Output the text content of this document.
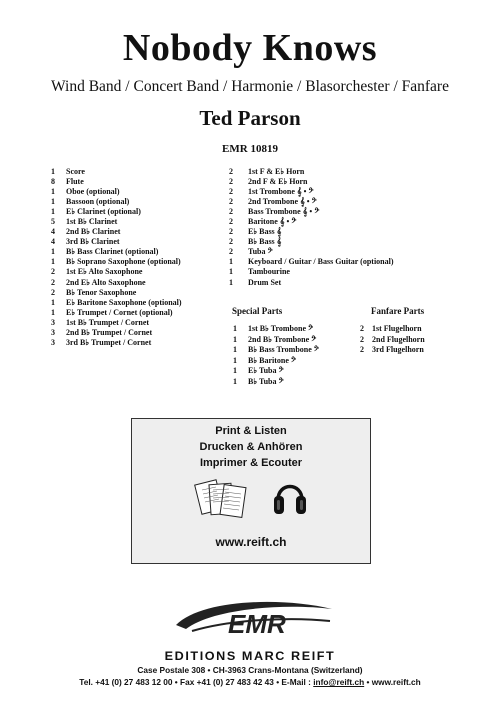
Nobody Knows
Wind Band / Concert Band / Harmonie / Blasorchester / Fanfare
Ted Parson
EMR 10819
1	Score
8	Flute
1	Oboe (optional)
1	Bassoon (optional)
1	E♭ Clarinet (optional)
5	1st B♭ Clarinet
4	2nd B♭ Clarinet
4	3rd B♭ Clarinet
1	B♭ Bass Clarinet (optional)
1	B♭ Soprano Saxophone (optional)
2	1st E♭ Alto Saxophone
2	2nd E♭ Alto Saxophone
2	B♭ Tenor Saxophone
1	E♭ Baritone Saxophone (optional)
1	E♭ Trumpet / Cornet (optional)
3	1st B♭ Trumpet / Cornet
3	2nd B♭ Trumpet / Cornet
3	3rd B♭ Trumpet / Cornet
2	1st F & E♭ Horn
2	2nd F & E♭ Horn
2	1st Trombone 𝄞 • 𝄢
2	2nd Trombone 𝄞 • 𝄢
2	Bass Trombone 𝄞 • 𝄢
2	Baritone 𝄞 • 𝄢
2	E♭ Bass 𝄞
2	B♭ Bass 𝄞
2	Tuba 𝄢
1	Keyboard / Guitar / Bass Guitar (optional)
1	Tambourine
1	Drum Set
Special Parts	Fanfare Parts
1	1st B♭ Trombone 𝄢
1	2nd B♭ Trombone 𝄢
1	B♭ Bass Trombone 𝄢
1	B♭ Baritone 𝄢
1	E♭ Tuba 𝄢
1	B♭ Tuba 𝄢
2	1st Flugelhorn
2	2nd Flugelhorn
2	3rd Flugelhorn
Print & Listen
Drucken & Anhören
Imprimer & Ecouter
www.reift.ch
EMR
EDITIONS MARC REIFT
Case Postale 308 • CH-3963 Crans-Montana (Switzerland)
Tel. +41 (0) 27 483 12 00 • Fax +41 (0) 27 483 42 43 • E-Mail : info@reift.ch • www.reift.ch
